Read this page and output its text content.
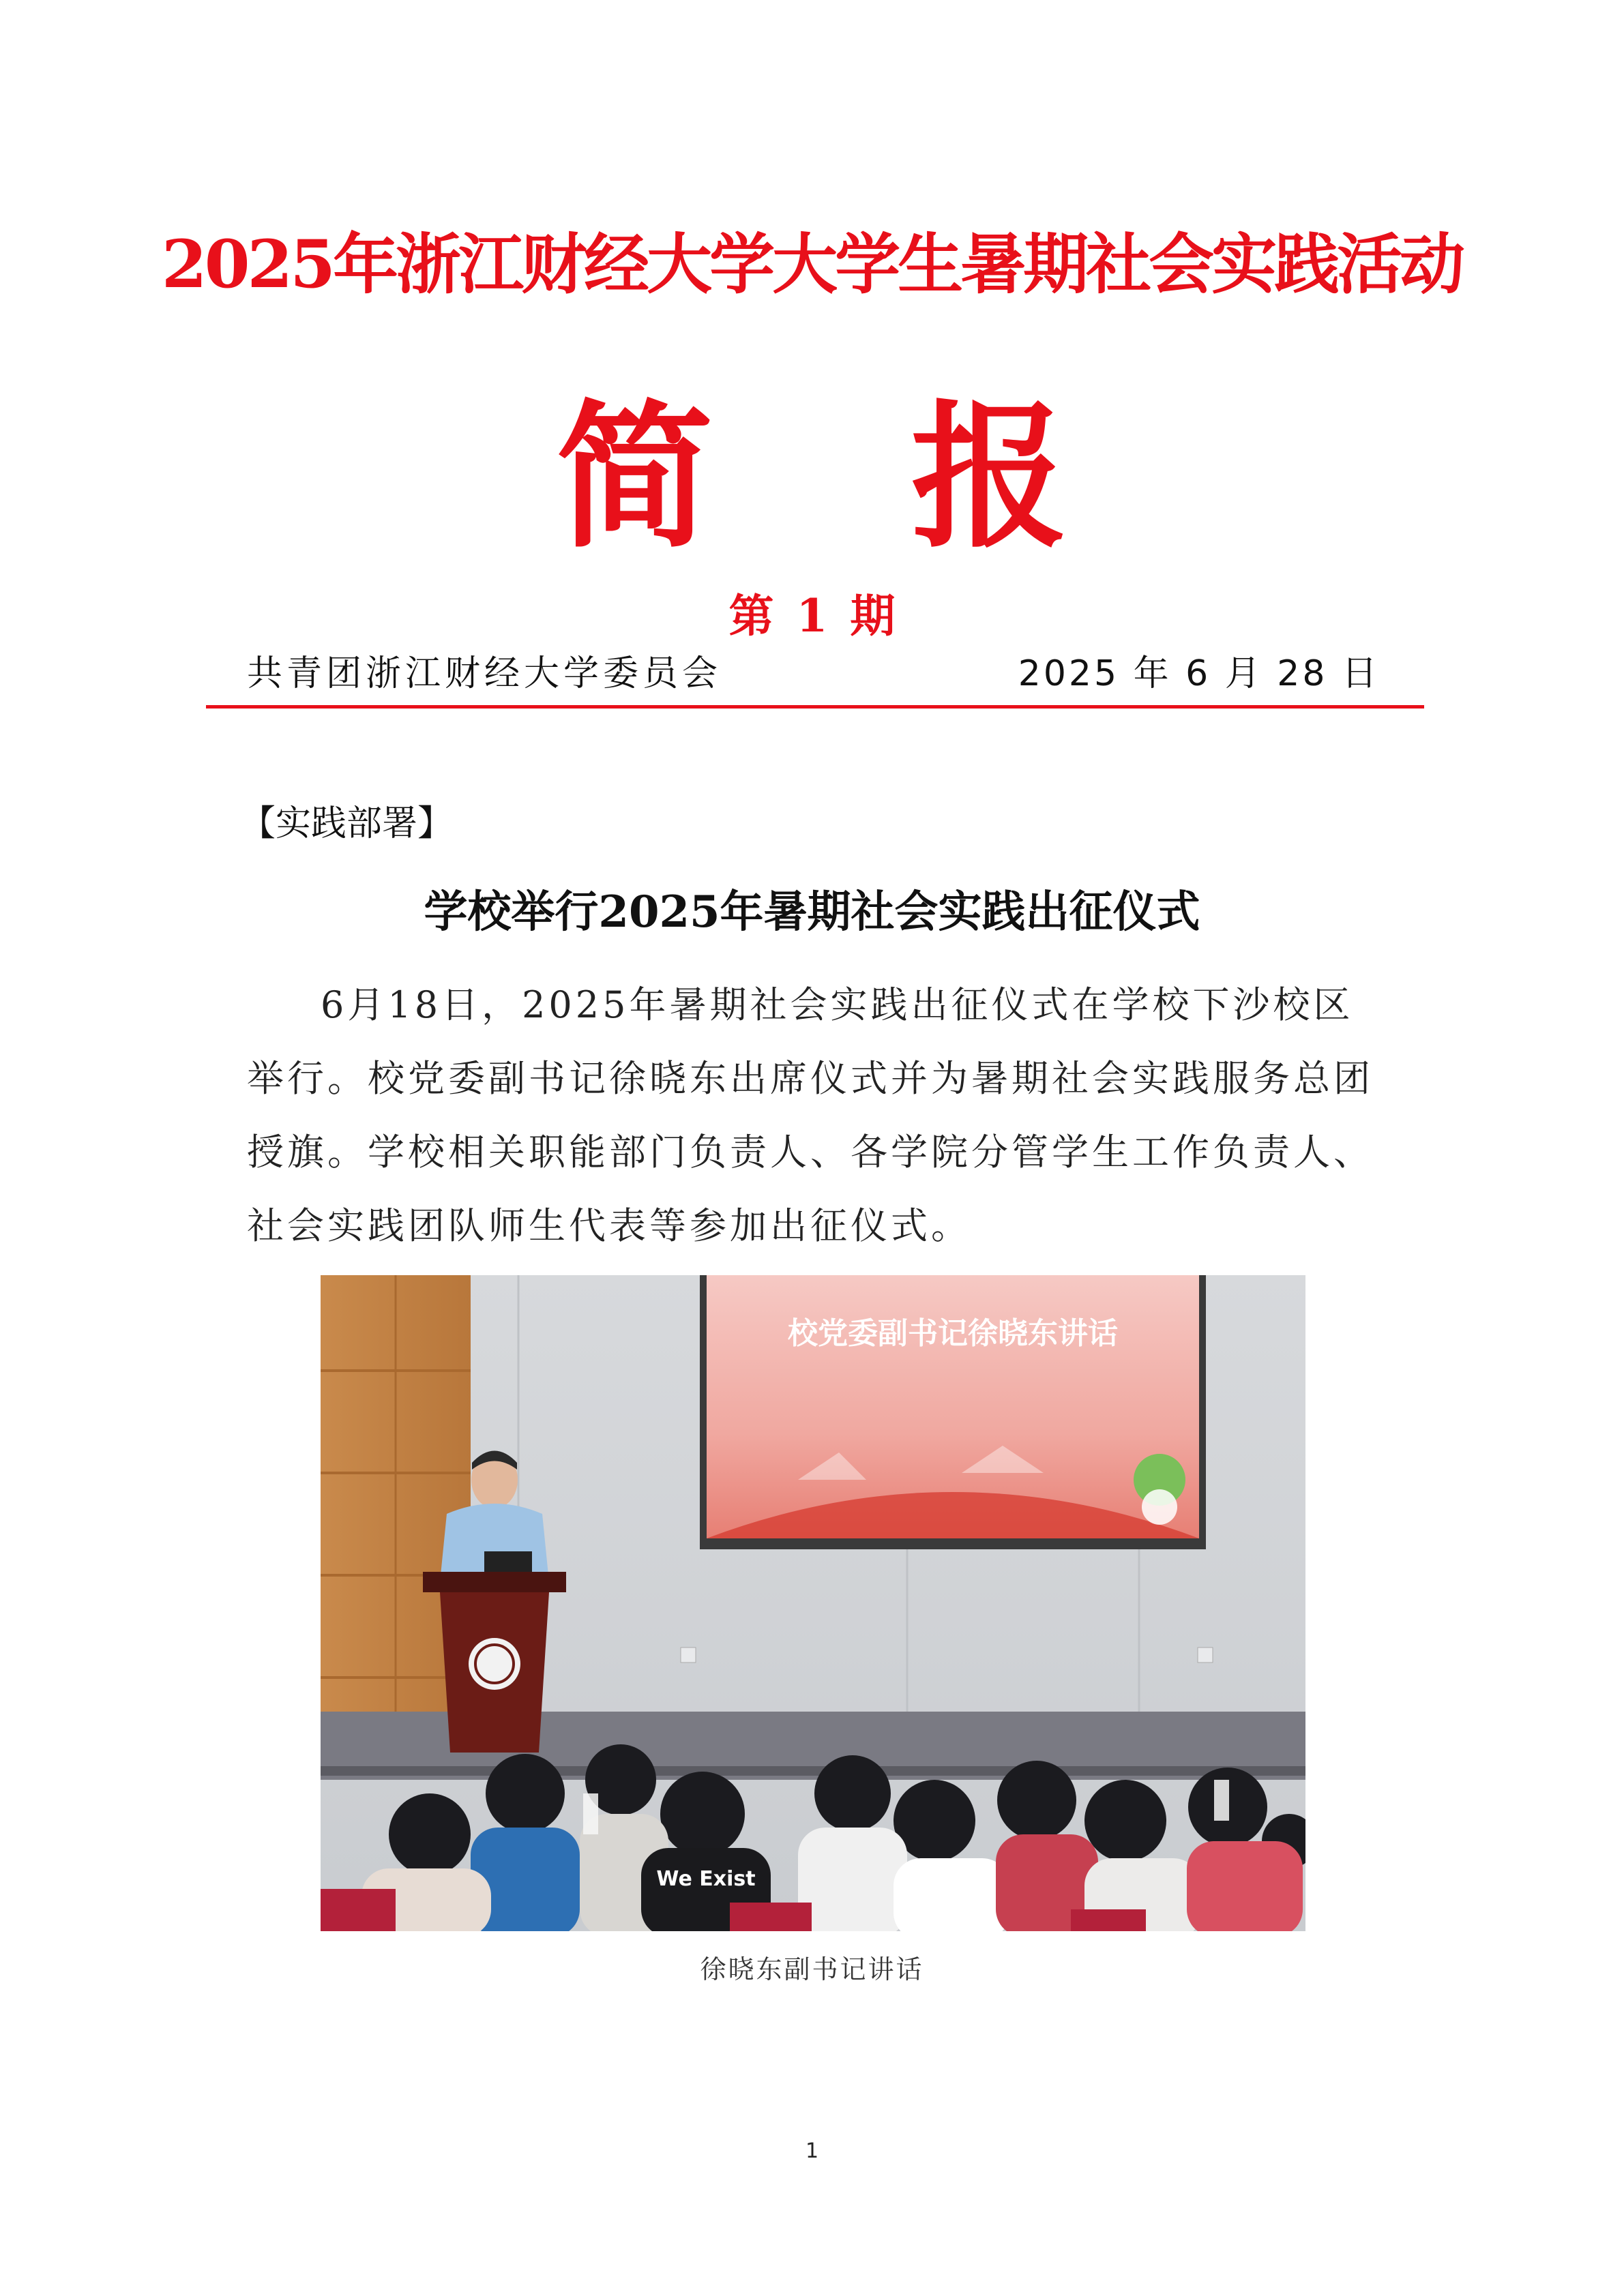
2025年浙江财经大学大学生暑期社会实践活动
简 报
第 1 期
共青团浙江财经大学委员会	2025 年 6 月 28 日
【实践部署】
学校举行2025年暑期社会实践出征仪式

6月18日，2025年暑期社会实践出征仪式在学校下沙校区举行。校党委副书记徐晓东出席仪式并为暑期社会实践服务总团授旗。学校相关职能部门负责人、各学院分管学生工作负责人、社会实践团队师生代表等参加出征仪式。

校党委副书记徐晓东讲话
We Exist
徐晓东副书记讲话
1
